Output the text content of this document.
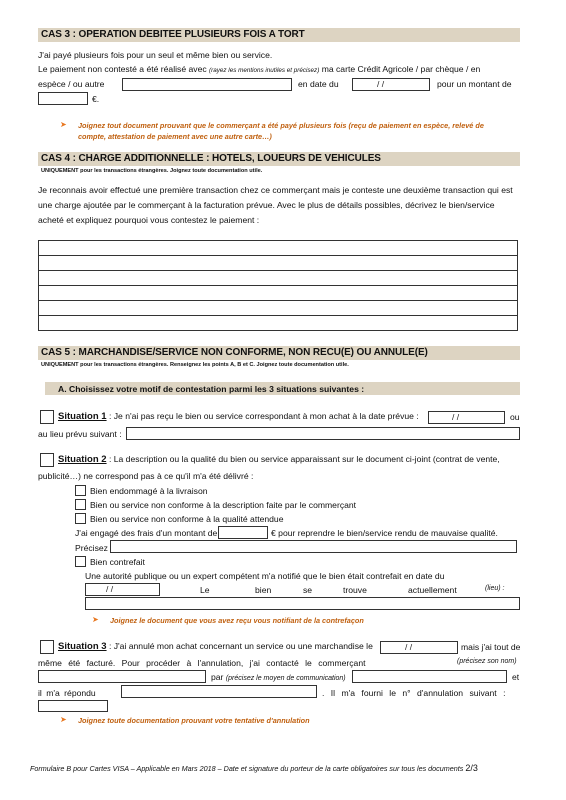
CAS 3 : OPERATION DEBITEE PLUSIEURS FOIS A TORT
J'ai payé plusieurs fois pour un seul et même bien ou service.
Le paiement non contesté a été réalisé avec (rayez les mentions inutiles et précisez) ma carte Crédit Agricole / par chèque / en
espèce / ou autre	en date du	/ /	pour un montant de
€.
➤ Joignez tout document prouvant que le commerçant a été payé plusieurs fois (reçu de paiement en espèce, relevé de
compte, attestation de paiement avec une autre carte…)
CAS 4 : CHARGE ADDITIONNELLE : HOTELS, LOUEURS DE VEHICULES
UNIQUEMENT pour les transactions étrangères. Joignez toute documentation utile.
Je reconnais avoir effectué une première transaction chez ce commerçant mais je conteste une deuxième transaction qui est
une charge ajoutée par le commerçant à la facturation prévue. Avec le plus de détails possibles, décrivez le bien/service
acheté et expliquez pourquoi vous contestez le paiement :
CAS 5 : MARCHANDISE/SERVICE NON CONFORME, NON RECU(E) OU ANNULE(E)
UNIQUEMENT pour les transactions étrangères. Renseignez les points A, B et C. Joignez toute documentation utile.
A. Choisissez votre motif de contestation parmi les 3 situations suivantes :
Situation 1 : Je n'ai pas reçu le bien ou service correspondant à mon achat à la date prévue :	/ /	ou
au lieu prévu suivant :
Situation 2 : La description ou la qualité du bien ou service apparaissant sur le document ci-joint (contrat de vente,
publicité…) ne correspond pas à ce qu'il m'a été délivré :
Bien endommagé à la livraison
Bien ou service non conforme à la description faite par le commerçant
Bien ou service non conforme à la qualité attendue
J'ai engagé des frais d'un montant de	€ pour reprendre le bien/service rendu de mauvaise qualité.
Précisez
Bien contrefait
Une autorité publique ou un expert compétent m'a notifié que le bien était contrefait en date du
/ /	Le	bien	se	trouve	actuellement	(lieu) :
➤ Joignez le document que vous avez reçu vous notifiant de la contrefaçon
Situation 3 : J'ai annulé mon achat concernant un service ou une marchandise le	/ /	mais j'ai tout de
même été facturé. Pour procéder à l'annulation, j'ai contacté le commerçant	(précisez son nom)
par (précisez le moyen de communication)	et
il m'a répondu	. Il m'a fourni le n° d'annulation suivant :
➤ Joignez toute documentation prouvant votre tentative d'annulation
Formulaire B pour Cartes VISA – Applicable en Mars 2018 – Date et signature du porteur de la carte obligatoires sur tous les documents 2/3
